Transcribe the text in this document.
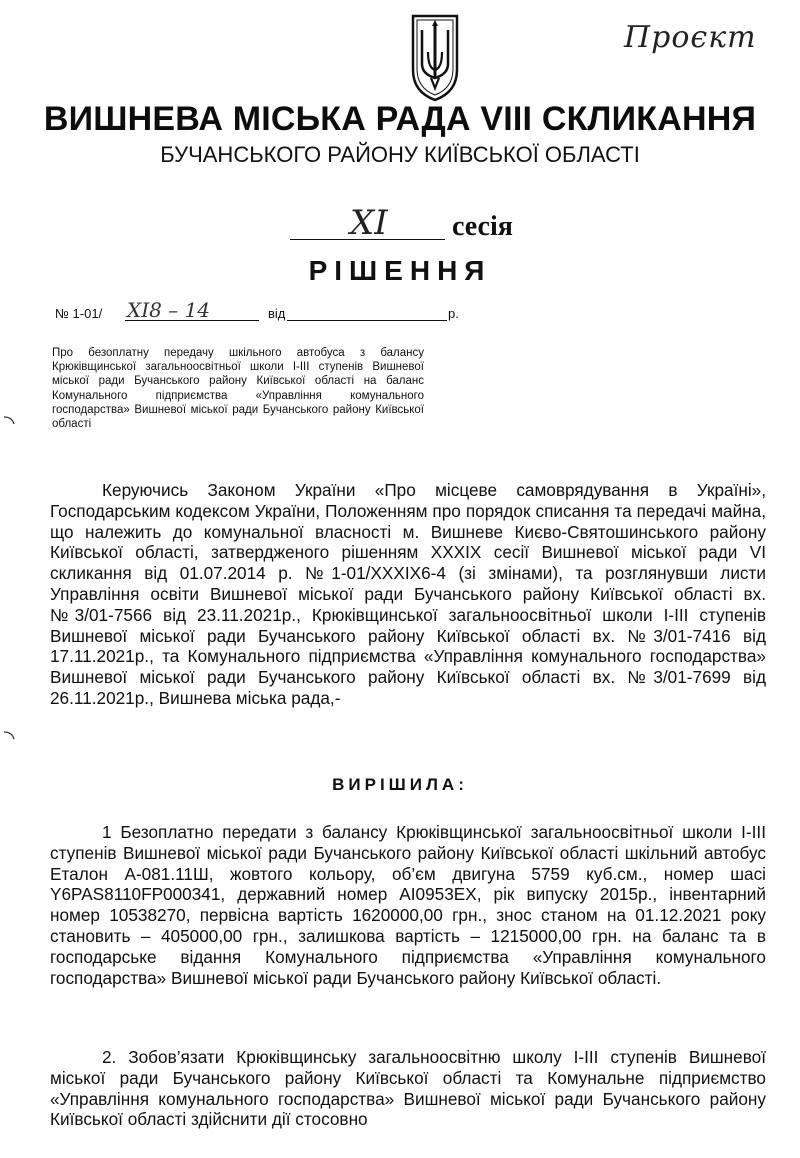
Проєкт
ВИШНЕВА МІСЬКА РАДА VIII СКЛИКАННЯ
БУЧАНСЬКОГО РАЙОНУ КИЇВСЬКОЇ ОБЛАСТІ
XI сесія
РІШЕННЯ
№ 1-01/ XI8 – 14	від	р.
Про безоплатну передачу шкільного автобуса з балансу Крюківщинської загальноосвітньої школи І-ІІІ ступенів Вишневої міської ради Бучанського району Київської області на баланс Комунального підприємства «Управління комунального господарства» Вишневої міської ради Бучанського району Київської області
Керуючись Законом України «Про місцеве самоврядування в Україні», Господарським кодексом України, Положенням про порядок списання та передачі майна, що належить до комунальної власності м. Вишневе Києво-Святошинського району Київської області, затвердженого рішенням XXXIX сесії Вишневої міської ради VI скликання від 01.07.2014 р. №1-01/XXXIX6-4 (зі змінами), та розглянувши листи Управління освіти Вишневої міської ради Бучанського району Київської області вх. №3/01-7566 від 23.11.2021р., Крюківщинської загальноосвітньої школи І-ІІІ ступенів Вишневої міської ради Бучанського району Київської області вх. №3/01-7416 від 17.11.2021р., та Комунального підприємства «Управління комунального господарства» Вишневої міської ради Бучанського району Київської області вх. №3/01-7699 від 26.11.2021р., Вишнева міська рада,-
ВИРІШИЛА:
1 Безоплатно передати з балансу Крюківщинської загальноосвітньої школи І-ІІІ ступенів Вишневої міської ради Бучанського району Київської області шкільний автобус Еталон А-081.11Ш, жовтого кольору, об’єм двигуна 5759 куб.см., номер шасі Y6PAS8110FP000341, державний номер АІ0953ЕХ, рік випуску 2015р., інвентарний номер 10538270, первісна вартість 1620000,00 грн., знос станом на 01.12.2021 року становить – 405000,00 грн., залишкова вартість – 1215000,00 грн. на баланс та в господарське відання Комунального підприємства «Управління комунального господарства» Вишневої міської ради Бучанського району Київської області.
2. Зобов’язати Крюківщинську загальноосвітню школу І-ІІІ ступенів Вишневої міської ради Бучанського району Київської області та Комунальне підприємство «Управління комунального господарства» Вишневої міської ради Бучанського району Київської області здійснити дії стосовно
